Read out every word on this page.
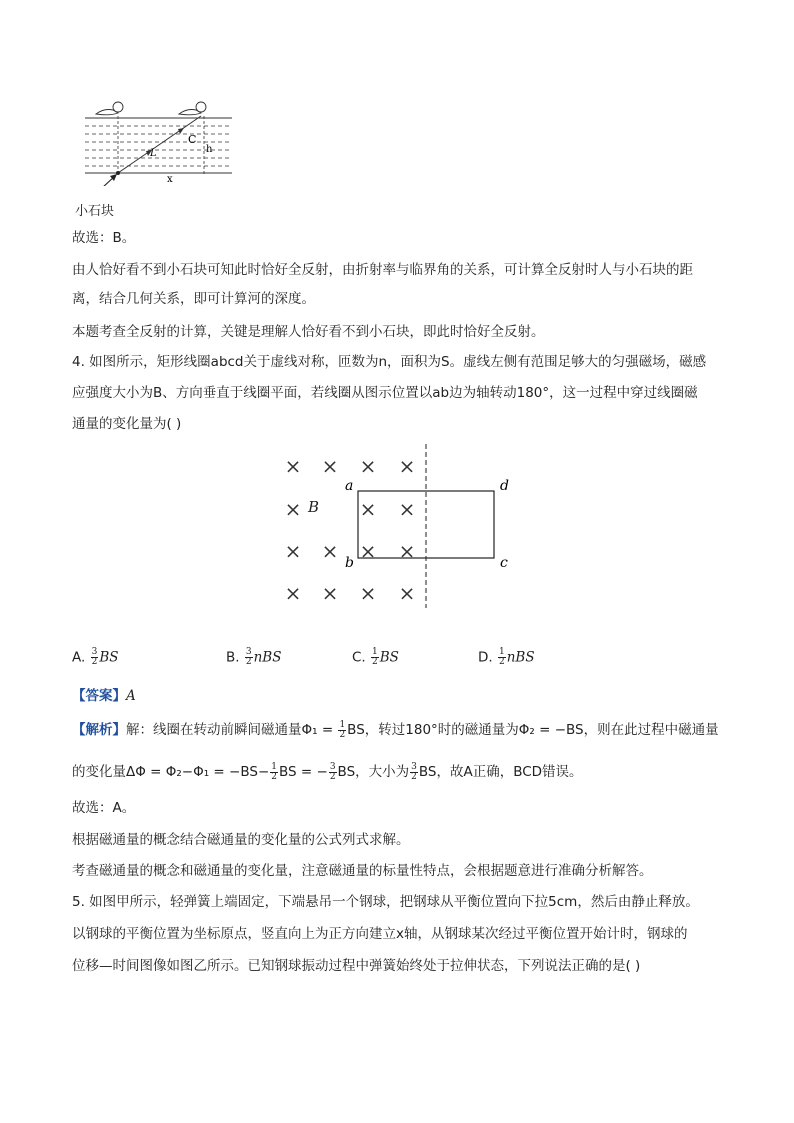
L
C
h
x
小石块
故选：B。
由人恰好看不到小石块可知此时恰好全反射，由折射率与临界角的关系，可计算全反射时人与小石块的距
离，结合几何关系，即可计算河的深度。
本题考查全反射的计算，关键是理解人恰好看不到小石块，即此时恰好全反射。
4. 如图所示，矩形线圈abcd关于虚线对称，匝数为n，面积为S。虚线左侧有范围足够大的匀强磁场，磁感
应强度大小为B、方向垂直于线圈平面，若线圈从图示位置以ab边为轴转动180°，这一过程中穿过线圈磁
通量的变化量为( )
× × × ×
×	× ×
× × × ×
× × × ×
B
a
b	c
d
A. $\frac{3}{2}$ BS	B. $\frac{3}{2}$ nBS	C. $\frac{1}{2}$ BS	D. $\frac{1}{2}$ nBS
【答案】A
【解析】解：线圈在转动前瞬间磁通量$\Phi_1 = \frac{1}{2}$ BS，转过180°时的磁通量为Φ₂ = −BS，则在此过程中磁通量
的变化量$\Delta\Phi = \Phi_2-\Phi_1 = -BS- \frac{1}{2}$ BS = − $\frac{3}{2}$ BS，大小为 $\frac{3}{2}$ BS，故A正确，BCD错误。
故选：A。
根据磁通量的概念结合磁通量的变化量的公式列式求解。
考查磁通量的概念和磁通量的变化量，注意磁通量的标量性特点，会根据题意进行准确分析解答。
5. 如图甲所示，轻弹簧上端固定，下端悬吊一个钢球，把钢球从平衡位置向下拉5cm，然后由静止释放。
以钢球的平衡位置为坐标原点，竖直向上为正方向建立x轴，从钢球某次经过平衡位置开始计时，钢球的
位移—时间图像如图乙所示。已知钢球振动过程中弹簧始终处于拉伸状态，下列说法正确的是( )
